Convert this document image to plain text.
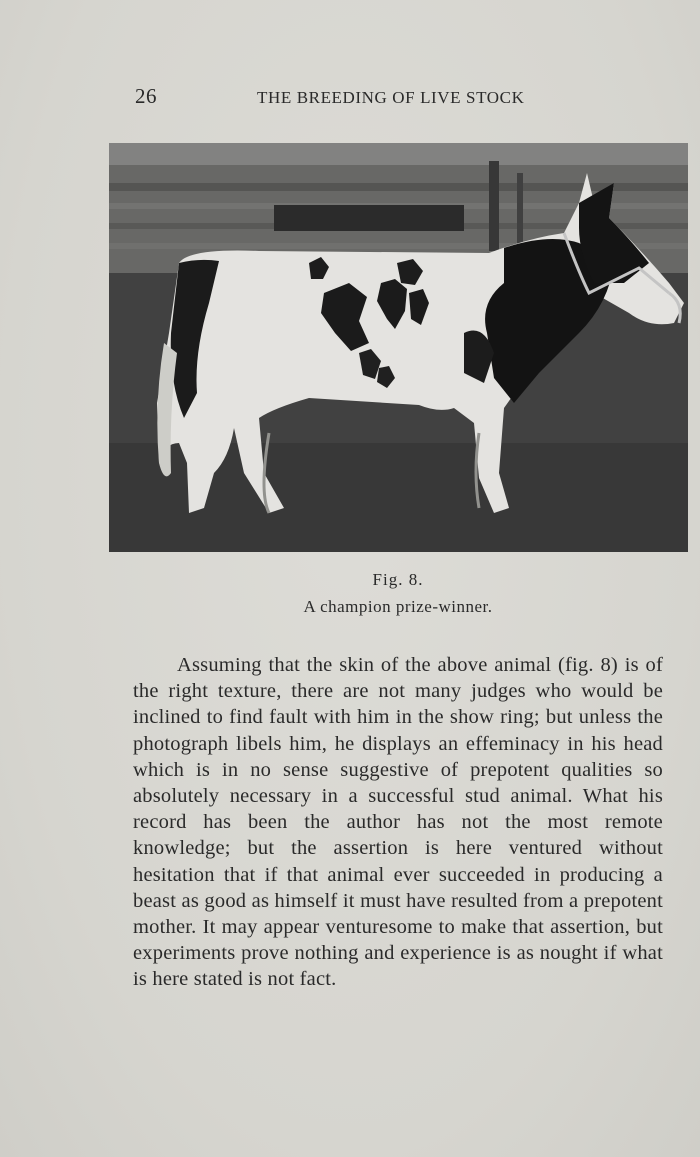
26	THE BREEDING OF LIVE STOCK
Fig. 8.
A champion prize-winner.

Assuming that the skin of the above animal (fig. 8) is of the right texture, there are not many judges who would be inclined to find fault with him in the show ring; but unless the photograph libels him, he displays an effeminacy in his head which is in no sense suggestive of prepotent qualities so absolutely necessary in a successful stud animal. What his record has been the author has not the most remote knowledge; but the assertion is here ventured without hesitation that if that animal ever succeeded in producing a beast as good as himself it must have resulted from a prepotent mother. It may appear venturesome to make that assertion, but experiments prove nothing and experience is as nought if what is here stated is not fact.
